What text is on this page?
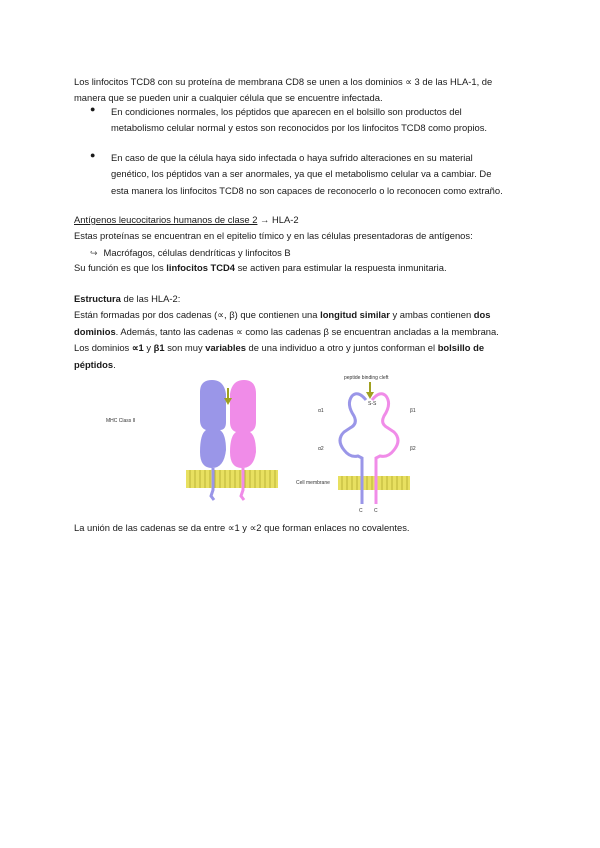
Los linfocitos TCD8 con su proteína de membrana CD8 se unen a los dominios ∝ 3 de las HLA-1, de

manera que se pueden unir a cualquier célula que se encuentre infectada.

● En condiciones normales, los péptidos que aparecen en el bolsillo son productos del

metabolismo celular normal y estos son reconocidos por los linfocitos TCD8 como propios.

● En caso de que la célula haya sido infectada o haya sufrido alteraciones en su material

genético, los péptidos van a ser anormales, ya que el metabolismo celular va a cambiar. De

esta manera los linfocitos TCD8 no son capaces de reconocerlo o lo reconocen como extraño.

Antígenos leucocitarios humanos de clase 2 → HLA-2

Estas proteínas se encuentran en el epitelio tímico y en las células presentadoras de antígenos:

↪ Macrófagos, células dendríticas y linfocitos B

Su función es que los linfocitos TCD4 se activen para estimular la respuesta inmunitaria.

Estructura de las HLA-2:

Están formadas por dos cadenas (∝, β) que contienen una longitud similar y ambas contienen dos

dominios. Además, tanto las cadenas ∝ como las cadenas β se encuentran ancladas a la membrana.

Los dominios ∝1 y β1 son muy variables de una individuo a otro y juntos conforman el bolsillo de

péptidos.

MHC Class II
peptide binding cleft
S-S
α1	β1
α2	β2
Cell membrane
C C

La unión de las cadenas se da entre ∝1 y ∝2 que forman enlaces no covalentes.
